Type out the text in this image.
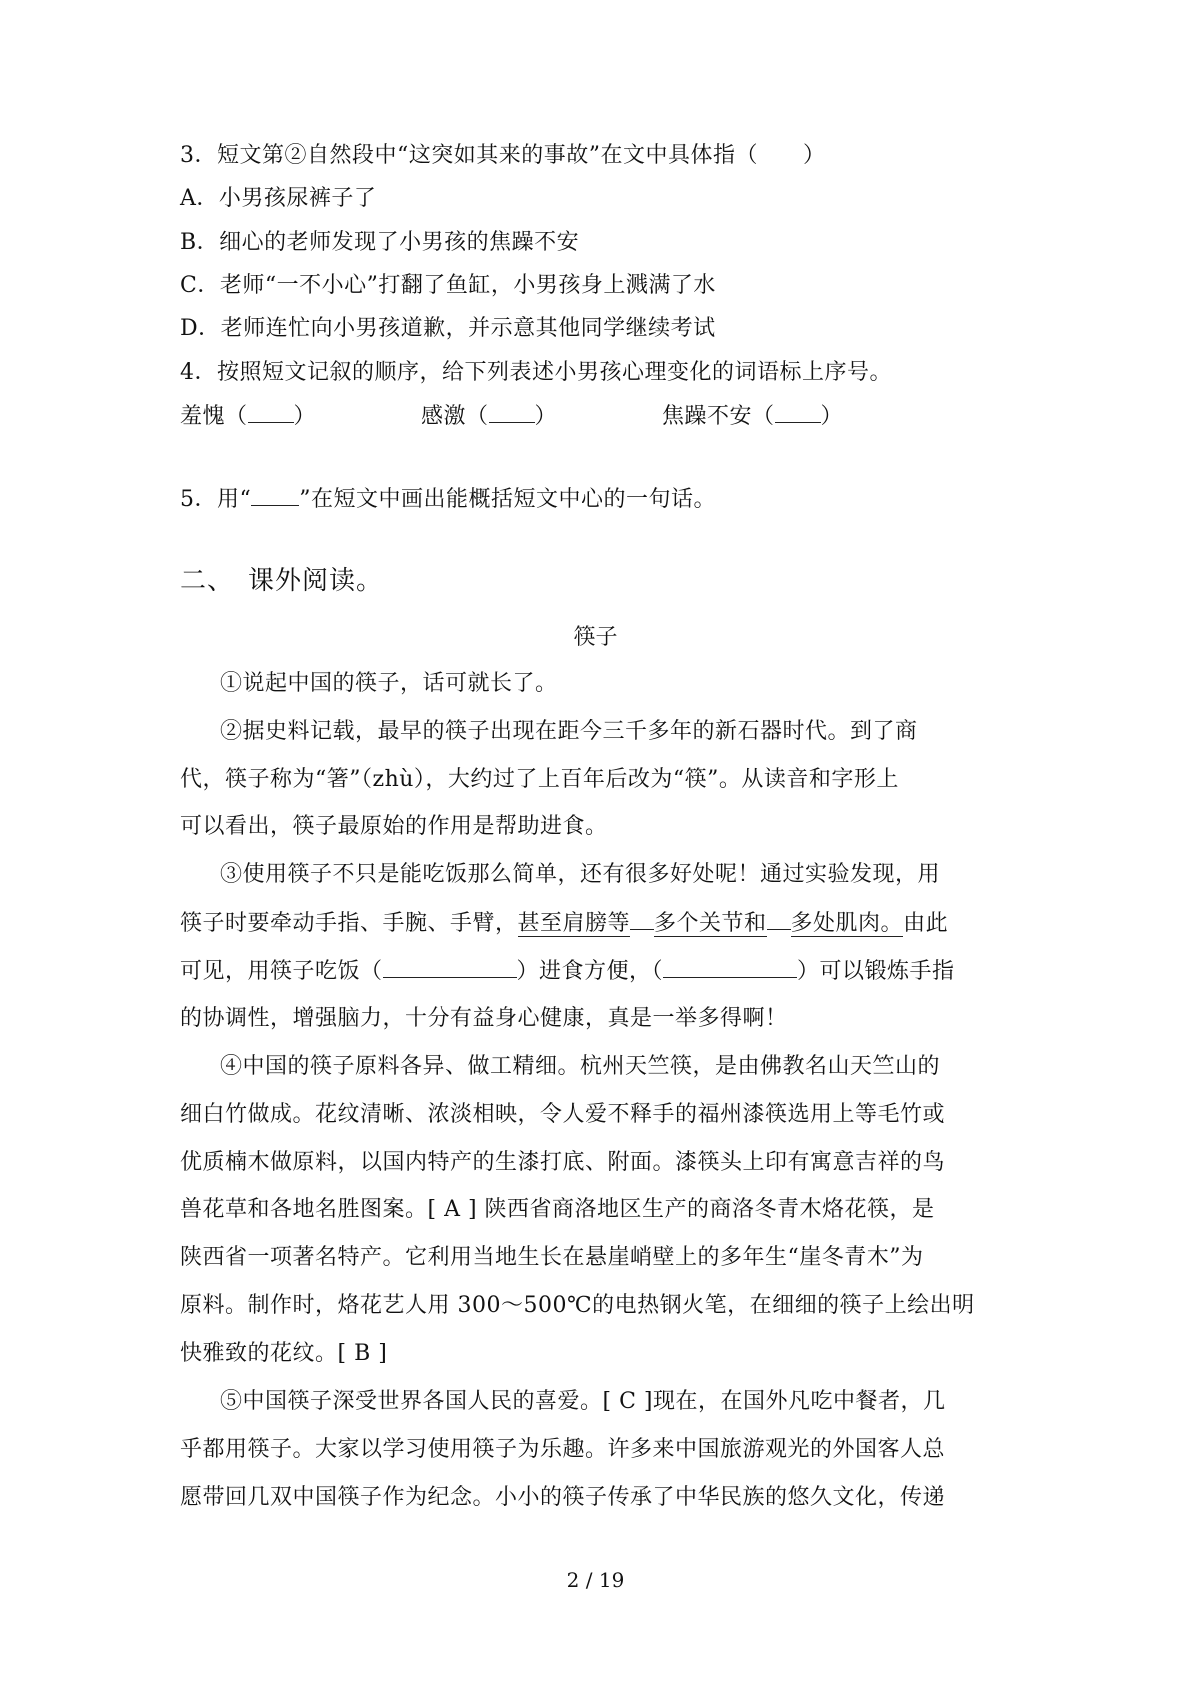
3．短文第②自然段中“这突如其来的事故”在文中具体指（　　）
A．小男孩尿裤子了
B．细心的老师发现了小男孩的焦躁不安
C．老师“一不小心”打翻了鱼缸，小男孩身上溅满了水
D．老师连忙向小男孩道歉，并示意其他同学继续考试
4．按照短文记叙的顺序，给下列表述小男孩心理变化的词语标上序号。
羞愧（ ）	感激（ ）	焦躁不安（ ）
5．用“ ”在短文中画出能概括短文中心的一句话。
二、　课外阅读。
筷子
①说起中国的筷子，话可就长了。
②据史料记载，最早的筷子出现在距今三千多年的新石器时代。到了商
代，筷子称为“箸”（zhù），大约过了上百年后改为“筷”。从读音和字形上
可以看出，筷子最原始的作用是帮助进食。
③使用筷子不只是能吃饭那么简单，还有很多好处呢！通过实验发现，用
筷子时要牵动手指、手腕、手臂，甚至肩膀等 多个关节和 多处肌肉。由此
可见，用筷子吃饭（	）进食方便，（	）可以锻炼手指
的协调性，增强脑力，十分有益身心健康，真是一举多得啊！
④中国的筷子原料各异、做工精细。杭州天竺筷，是由佛教名山天竺山的
细白竹做成。花纹清晰、浓淡相映，令人爱不释手的福州漆筷选用上等毛竹或
优质楠木做原料，以国内特产的生漆打底、附面。漆筷头上印有寓意吉祥的鸟
兽花草和各地名胜图案。[ A ] 陕西省商洛地区生产的商洛冬青木烙花筷，是
陕西省一项著名特产。它利用当地生长在悬崖峭壁上的多年生“崖冬青木”为
原料。制作时，烙花艺人用 300～500℃的电热钢火笔，在细细的筷子上绘出明
快雅致的花纹。[ B ]
⑤中国筷子深受世界各国人民的喜爱。[ C ]现在，在国外凡吃中餐者，几
乎都用筷子。大家以学习使用筷子为乐趣。许多来中国旅游观光的外国客人总
愿带回几双中国筷子作为纪念。小小的筷子传承了中华民族的悠久文化，传递
2 / 19
